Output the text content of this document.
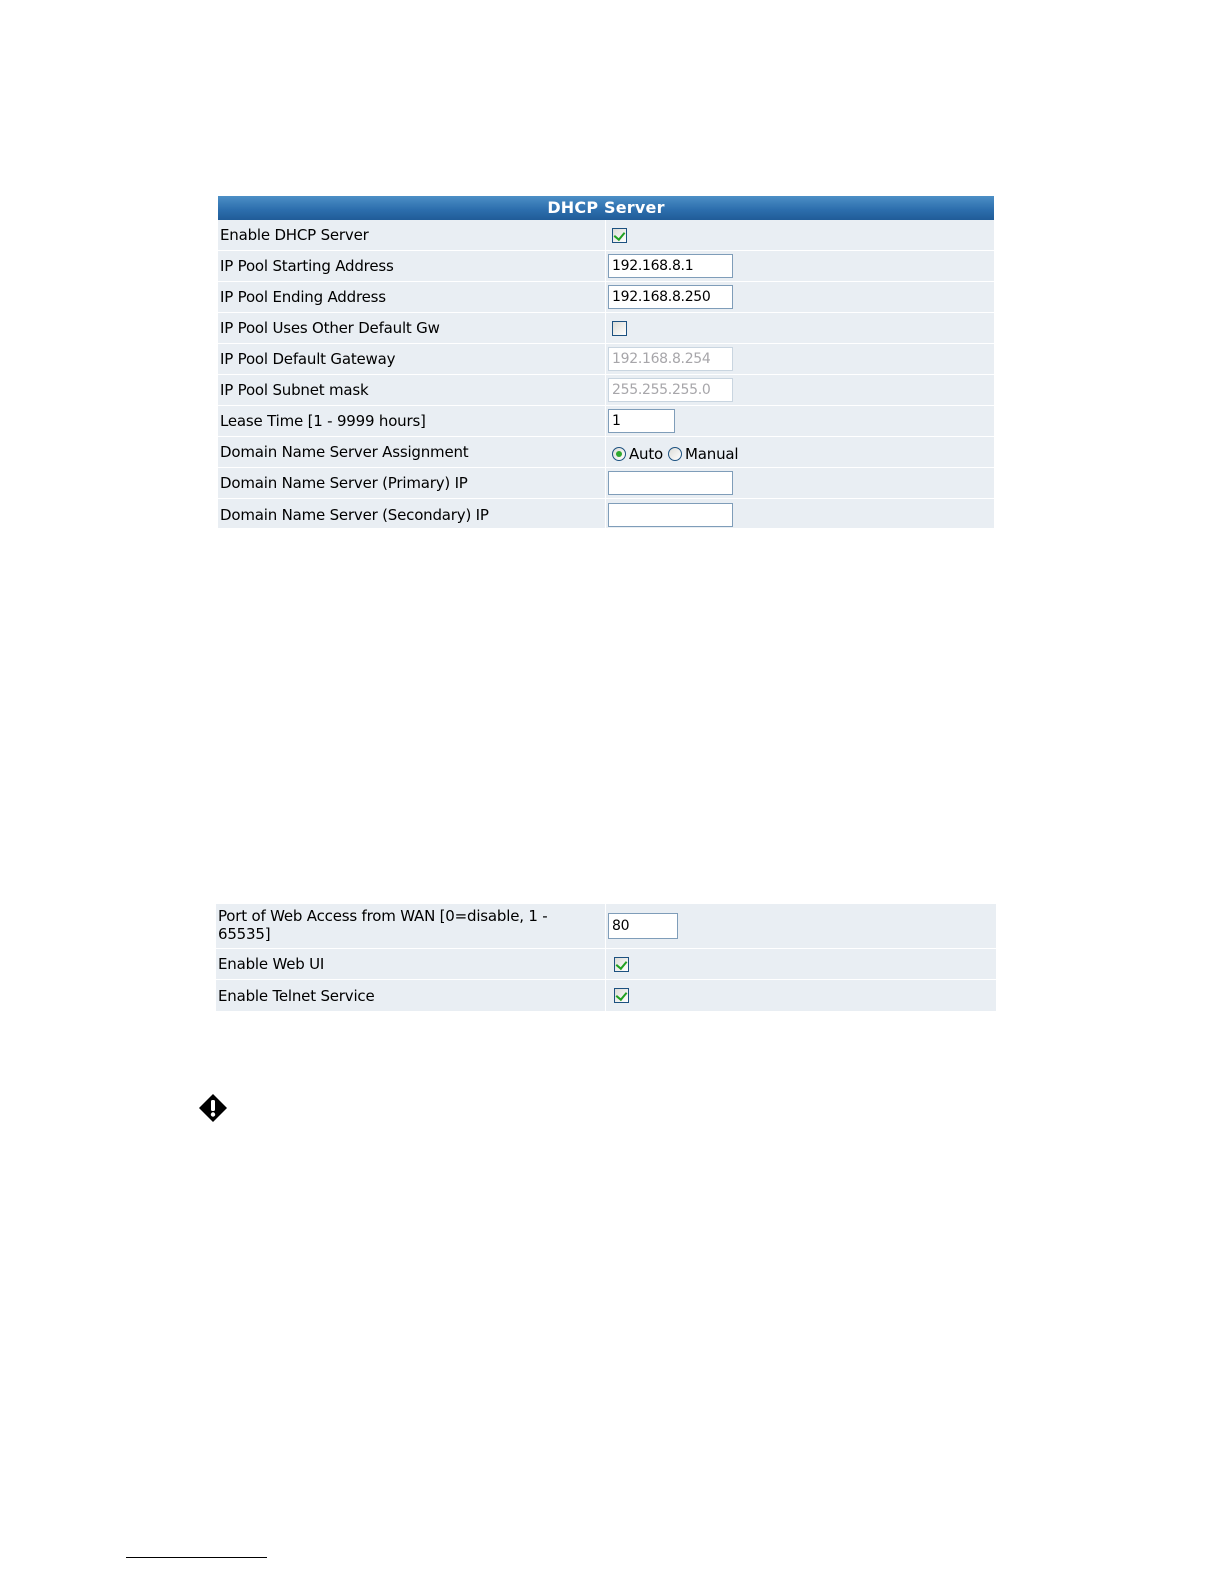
DHCP Server
Enable DHCP Server
IP Pool Starting Address
192.168.8.1
IP Pool Ending Address
192.168.8.250
IP Pool Uses Other Default Gw
IP Pool Default Gateway
192.168.8.254
IP Pool Subnet mask
255.255.255.0
Lease Time [1 - 9999 hours]
1
Domain Name Server Assignment	Auto Manual
Domain Name Server (Primary) IP
Domain Name Server (Secondary) IP
Port of Web Access from WAN [0=disable, 1 -
65535]
80
Enable Web UI
Enable Telnet Service
